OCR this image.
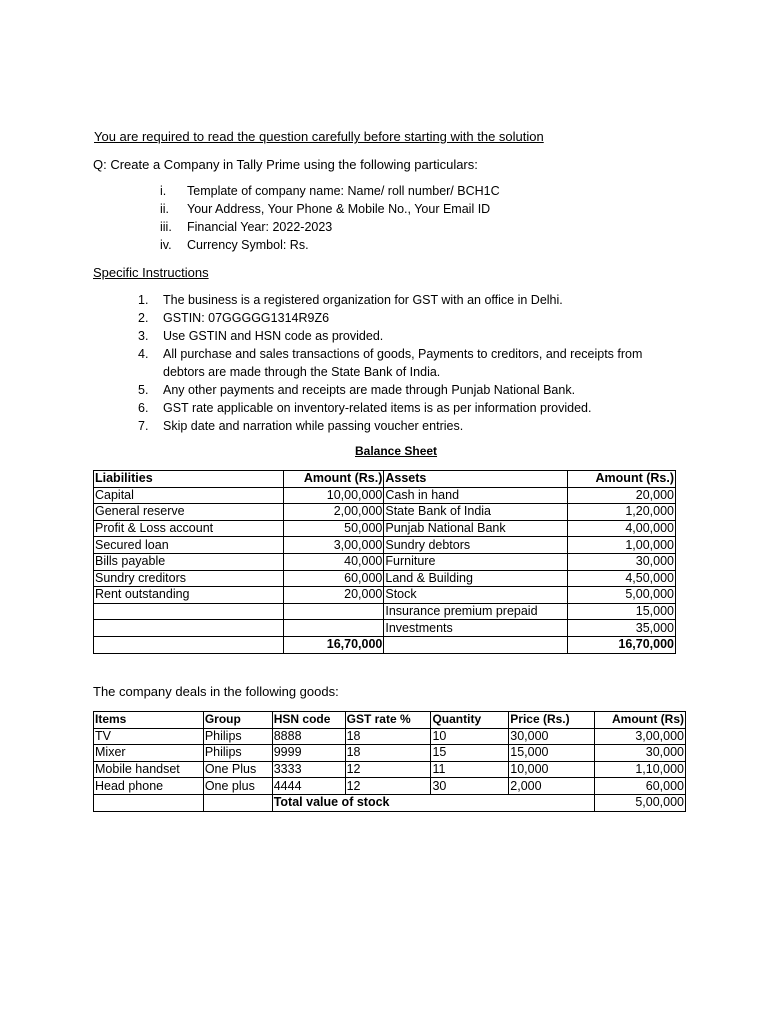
You are required to read the question carefully before starting with the solution
Q: Create a Company in Tally Prime using the following particulars:
i.	Template of company name: Name/ roll number/ BCH1C
ii.	Your Address, Your Phone & Mobile No., Your Email ID
iii.	Financial Year: 2022-2023
iv.	Currency Symbol: Rs.
Specific Instructions
1.	The business is a registered organization for GST with an office in Delhi.
2.	GSTIN: 07GGGGG1314R9Z6
3.	Use GSTIN and HSN code as provided.
4.	All purchase and sales transactions of goods, Payments to creditors, and receipts from debtors are made through the State Bank of India.
5.	Any other payments and receipts are made through Punjab National Bank.
6.	GST rate applicable on inventory-related items is as per information provided.
7.	Skip date and narration while passing voucher entries.
Balance Sheet
Liabilities	Amount (Rs.)	Assets	Amount (Rs.)
Capital	10,00,000	Cash in hand	20,000
General reserve	2,00,000	State Bank of India	1,20,000
Profit & Loss account	50,000	Punjab National Bank	4,00,000
Secured loan	3,00,000	Sundry debtors	1,00,000
Bills payable	40,000	Furniture	30,000
Sundry creditors	60,000	Land & Building	4,50,000
Rent outstanding	20,000	Stock	5,00,000
		Insurance premium prepaid	15,000
		Investments	35,000
	16,70,000		16,70,000
The company deals in the following goods:
Items	Group	HSN code	GST rate %	Quantity	Price (Rs.)	Amount (Rs)
TV	Philips	8888	18	10	30,000	3,00,000
Mixer	Philips	9999	18	15	15,000	30,000
Mobile handset	One Plus	3333	12	11	10,000	1,10,000
Head phone	One plus	4444	12	30	2,000	60,000
		Total value of stock				5,00,000
